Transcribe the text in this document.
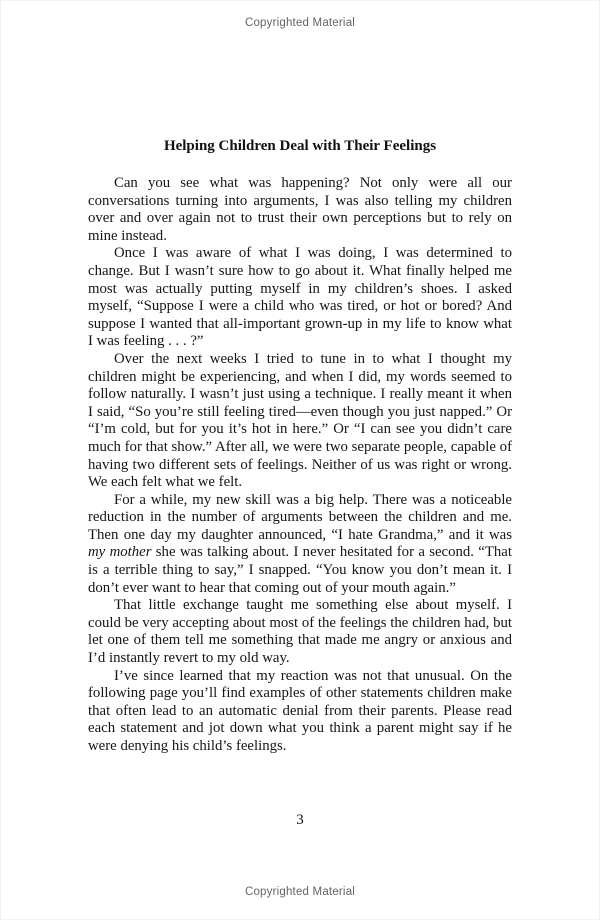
Copyrighted Material
Helping Children Deal with Their Feelings

Can you see what was happening? Not only were all our conversations turning into arguments, I was also telling my children over and over again not to trust their own perceptions but to rely on mine instead.

Once I was aware of what I was doing, I was determined to change. But I wasn’t sure how to go about it. What finally helped me most was actually putting myself in my children’s shoes. I asked myself, “Suppose I were a child who was tired, or hot or bored? And suppose I wanted that all-important grown-up in my life to know what I was feeling . . . ?”

Over the next weeks I tried to tune in to what I thought my children might be experiencing, and when I did, my words seemed to follow naturally. I wasn’t just using a technique. I really meant it when I said, “So you’re still feeling tired—even though you just napped.” Or “I’m cold, but for you it’s hot in here.” Or “I can see you didn’t care much for that show.” After all, we were two separate people, capable of having two different sets of feelings. Neither of us was right or wrong. We each felt what we felt.

For a while, my new skill was a big help. There was a noticeable reduction in the number of arguments between the children and me. Then one day my daughter announced, “I hate Grandma,” and it was my mother she was talking about. I never hesitated for a second. “That is a terrible thing to say,” I snapped. “You know you don’t mean it. I don’t ever want to hear that coming out of your mouth again.”

That little exchange taught me something else about myself. I could be very accepting about most of the feelings the children had, but let one of them tell me something that made me angry or anxious and I’d instantly revert to my old way.

I’ve since learned that my reaction was not that unusual. On the following page you’ll find examples of other statements children make that often lead to an automatic denial from their parents. Please read each statement and jot down what you think a parent might say if he were denying his child’s feelings.

3
Copyrighted Material
